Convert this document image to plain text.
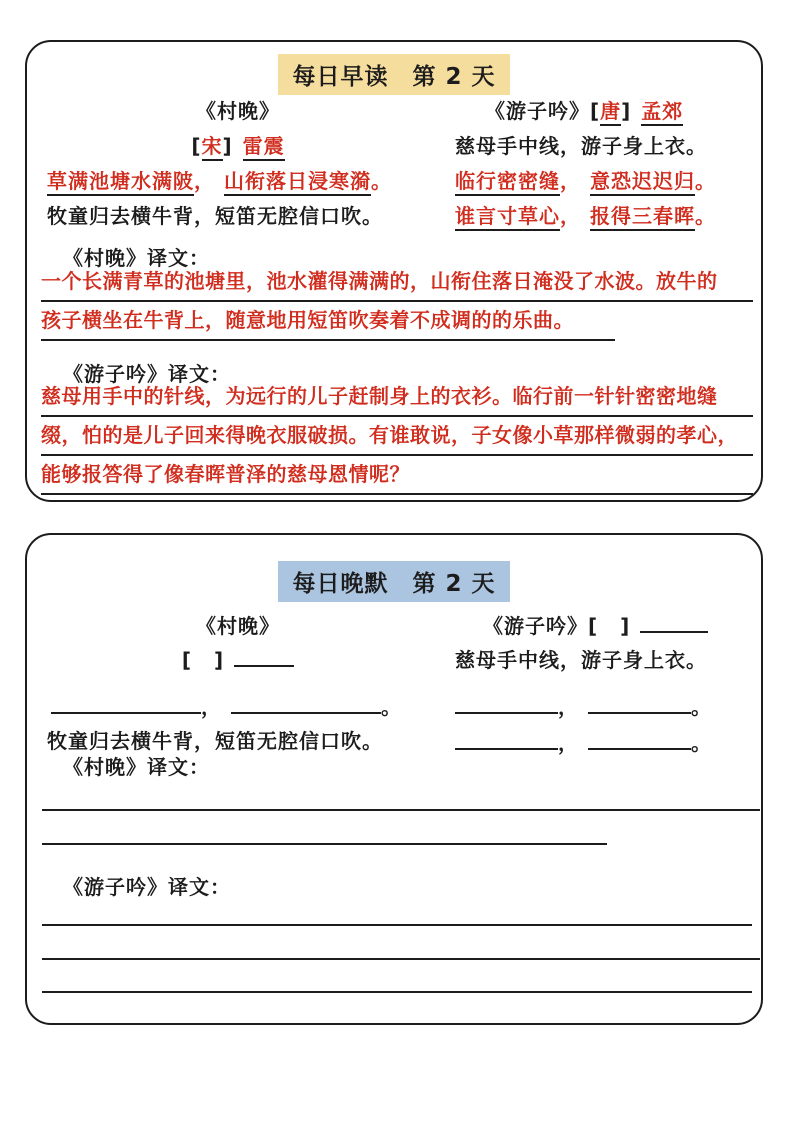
每日早读　第 2 天
《村晚》
[宋] 雷震
草满池塘水满陂， 山衔落日浸寒漪。
牧童归去横牛背，短笛无腔信口吹。
《游子吟》[唐] 孟郊
慈母手中线，游子身上衣。
临行密密缝， 意恐迟迟归。
谁言寸草心， 报得三春晖。
《村晚》译文：
一个长满青草的池塘里，池水灌得满满的，山衔住落日淹没了水波。放牛的
孩子横坐在牛背上，随意地用短笛吹奏着不成调的的乐曲。
《游子吟》译文：
慈母用手中的针线，为远行的儿子赶制身上的衣衫。临行前一针针密密地缝
缀，怕的是儿子回来得晚衣服破损。有谁敢说，子女像小草那样微弱的孝心，
能够报答得了像春晖普泽的慈母恩情呢？
每日晚默　第 2 天
《村晚》
[ ]
，	。
牧童归去横牛背，短笛无腔信口吹。
《游子吟》[ ]
慈母手中线，游子身上衣。
，	。
，	。
《村晚》译文：
《游子吟》译文：
